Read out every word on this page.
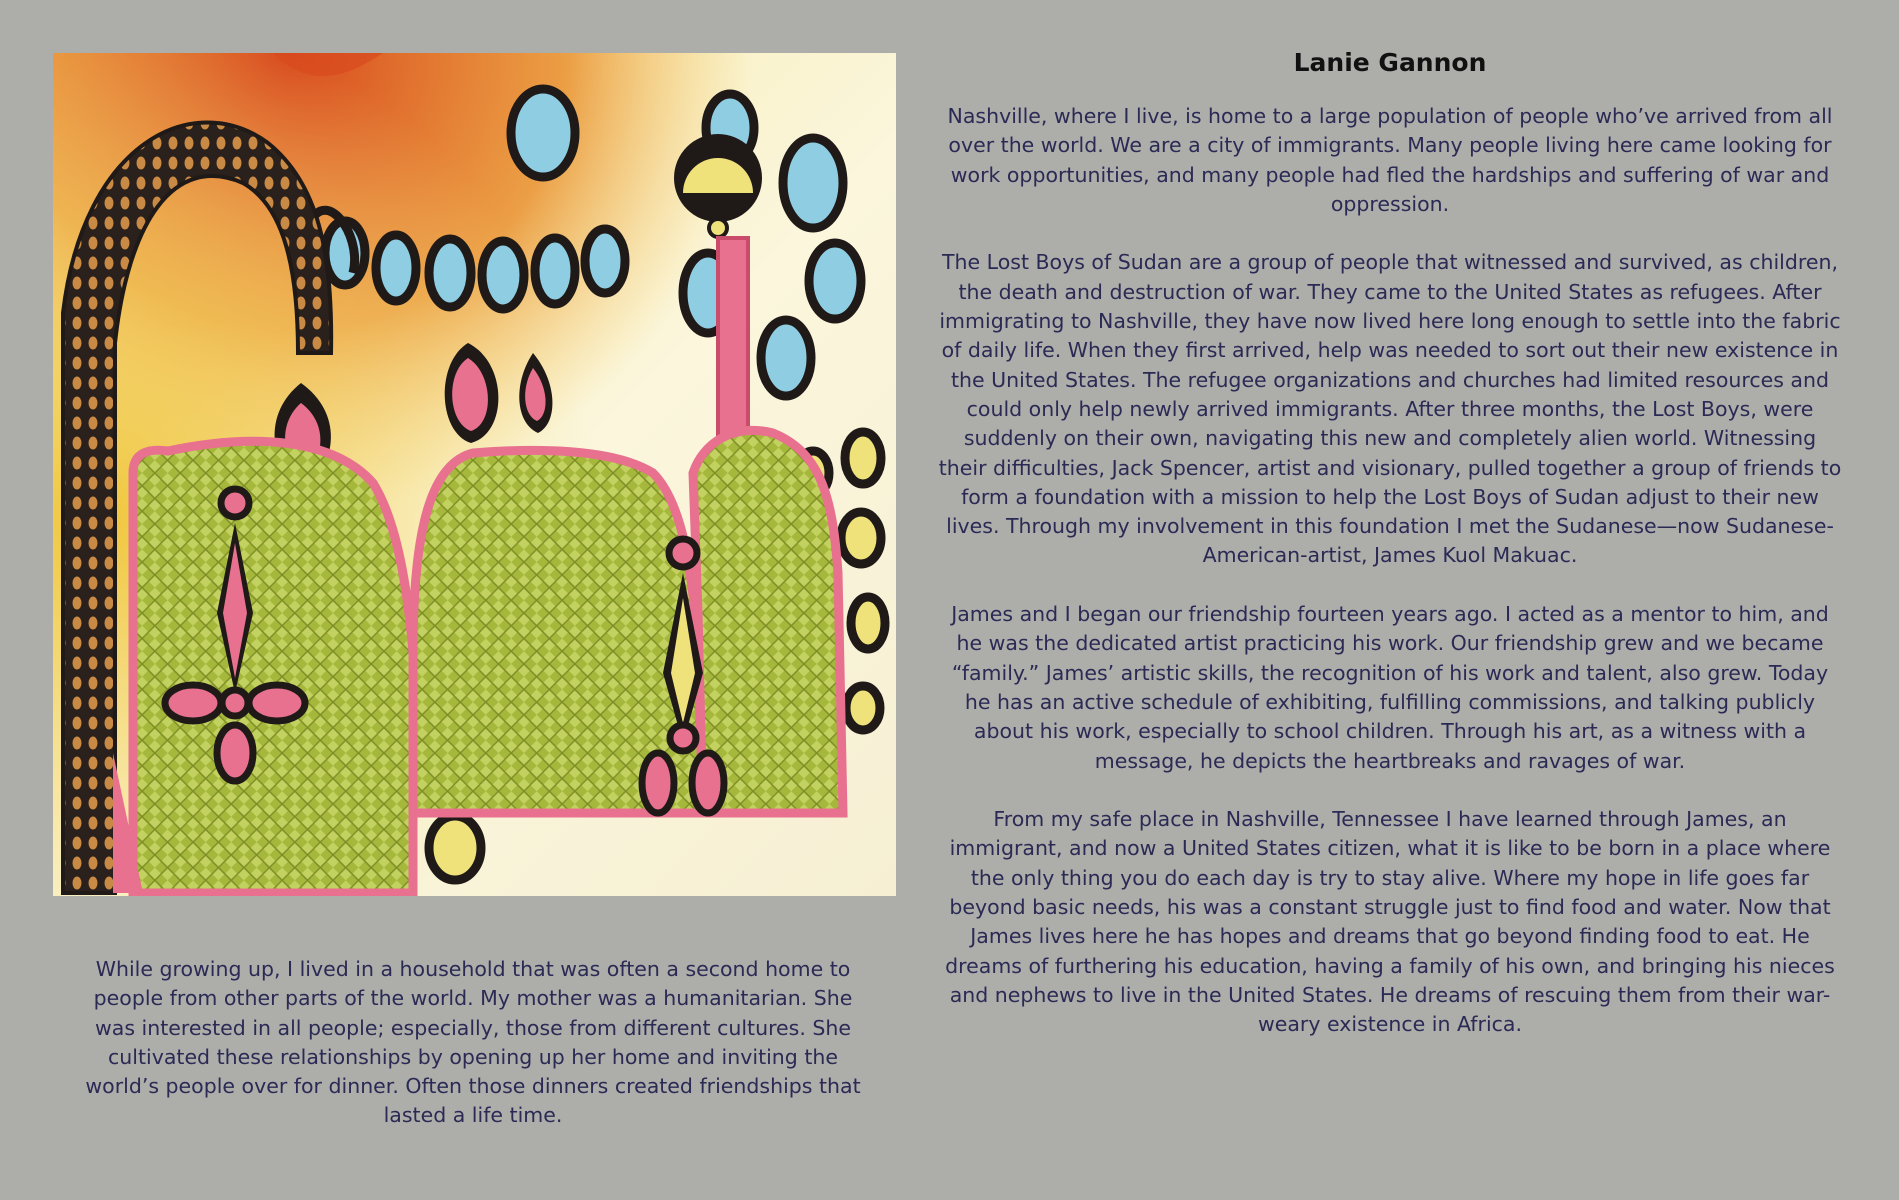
Lanie Gannon

Nashville, where I live, is home to a large population of people who’ve arrived from all over the world. We are a city of immigrants. Many people living here came looking for work opportunities, and many people had fled the hardships and suffering of war and oppression.

The Lost Boys of Sudan are a group of people that witnessed and survived, as children, the death and destruction of war. They came to the United States as refugees. After immigrating to Nashville, they have now lived here long enough to settle into the fabric of daily life. When they first arrived, help was needed to sort out their new existence in the United States. The refugee organizations and churches had limited resources and could only help newly arrived immigrants. After three months, the Lost Boys, were suddenly on their own, navigating this new and completely alien world. Witnessing their difficulties, Jack Spencer, artist and visionary, pulled together a group of friends to form a foundation with a mission to help the Lost Boys of Sudan adjust to their new lives. Through my involvement in this foundation I met the Sudanese—now Sudanese-American-artist, James Kuol Makuac.

James and I began our friendship fourteen years ago. I acted as a mentor to him, and he was the dedicated artist practicing his work. Our friendship grew and we became “family.” James’ artistic skills, the recognition of his work and talent, also grew. Today he has an active schedule of exhibiting, fulfilling commissions, and talking publicly about his work, especially to school children. Through his art, as a witness with a message, he depicts the heartbreaks and ravages of war.

From my safe place in Nashville, Tennessee I have learned through James, an immigrant, and now a United States citizen, what it is like to be born in a place where the only thing you do each day is try to stay alive. Where my hope in life goes far beyond basic needs, his was a constant struggle just to find food and water. Now that James lives here he has hopes and dreams that go beyond finding food to eat. He dreams of furthering his education, having a family of his own, and bringing his nieces and nephews to live in the United States. He dreams of rescuing them from their war-weary existence in Africa.

While growing up, I lived in a household that was often a second home to people from other parts of the world. My mother was a humanitarian. She was interested in all people; especially, those from different cultures. She cultivated these relationships by opening up her home and inviting the world’s people over for dinner. Often those dinners created friendships that lasted a life time.
